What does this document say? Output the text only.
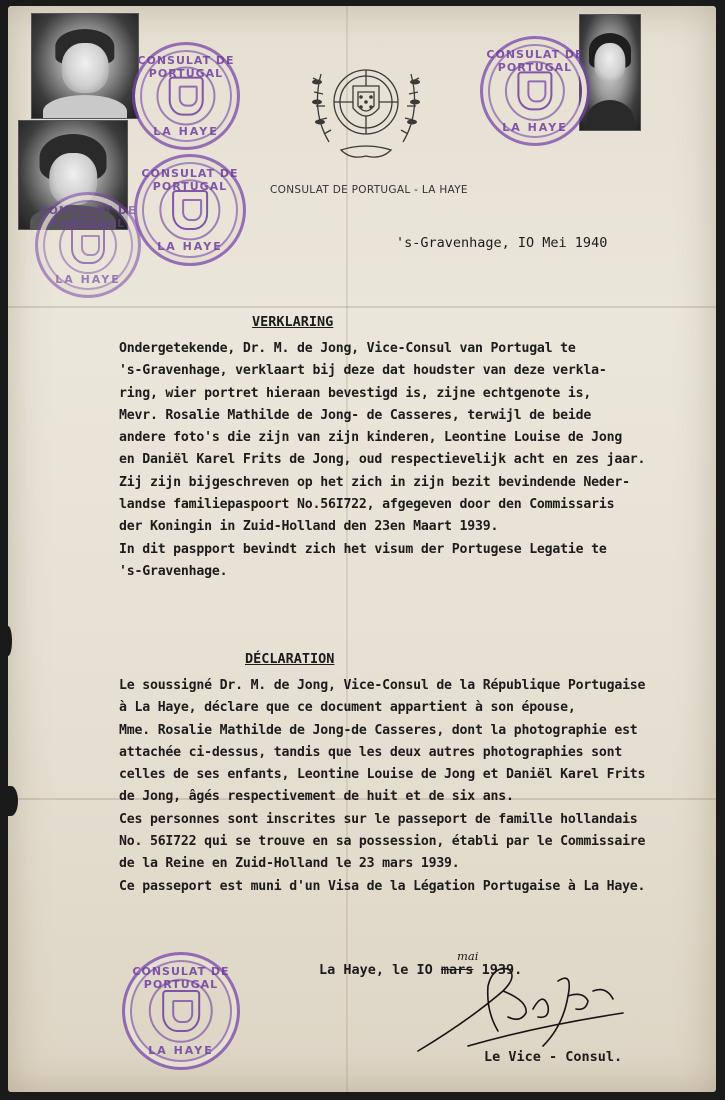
CONSULAT DE PORTUGAL
LA HAYE
CONSULAT DE PORTUGAL
LA HAYE
CONSULAT DE PORTUGAL
LA HAYE
CONSULAT DE PORTUGAL
LA HAYE
CONSULAT DE PORTUGAL
LA HAYE
CONSULAT DE PORTUGAL - LA HAYE
's-Gravenhage, IO Mei 1940
VERKLARING
Ondergetekende, Dr. M. de Jong, Vice-Consul van Portugal te
's-Gravenhage, verklaart bij deze dat houdster van deze verkla-
ring, wier portret hieraan bevestigd is, zijne echtgenote is,
Mevr. Rosalie Mathilde de Jong- de Casseres, terwijl de beide
andere foto's die zijn van zijn kinderen, Leontine Louise de Jong
en Daniël Karel Frits de Jong, oud respectievelijk acht en zes jaar.
Zij zijn bijgeschreven op het zich in zijn bezit bevindende Neder-
landse familiepaspoort No.56I722, afgegeven door den Commissaris
der Koningin in Zuid-Holland den 23en Maart 1939.
In dit paspport bevindt zich het visum der Portugese Legatie te
's-Gravenhage.
DÉCLARATION
Le soussigné Dr. M. de Jong, Vice-Consul de la République Portugaise
à La Haye, déclare que ce document appartient à son épouse,
Mme. Rosalie Mathilde de Jong-de Casseres, dont la photographie est
attachée ci-dessus, tandis que les deux autres photographies sont
celles de ses enfants, Leontine Louise de Jong et Daniël Karel Frits
de Jong, âgés respectivement de huit et de six ans.
Ces personnes sont inscrites sur le passeport de famille hollandais
No. 56I722 qui se trouve en sa possession, établi par le Commissaire
de la Reine en Zuid-Holland le 23 mars 1939.
Ce passeport est muni d'un Visa de la Légation Portugaise à La Haye.
La Haye, le IO mars 1939.
mai
Le Vice - Consul.
